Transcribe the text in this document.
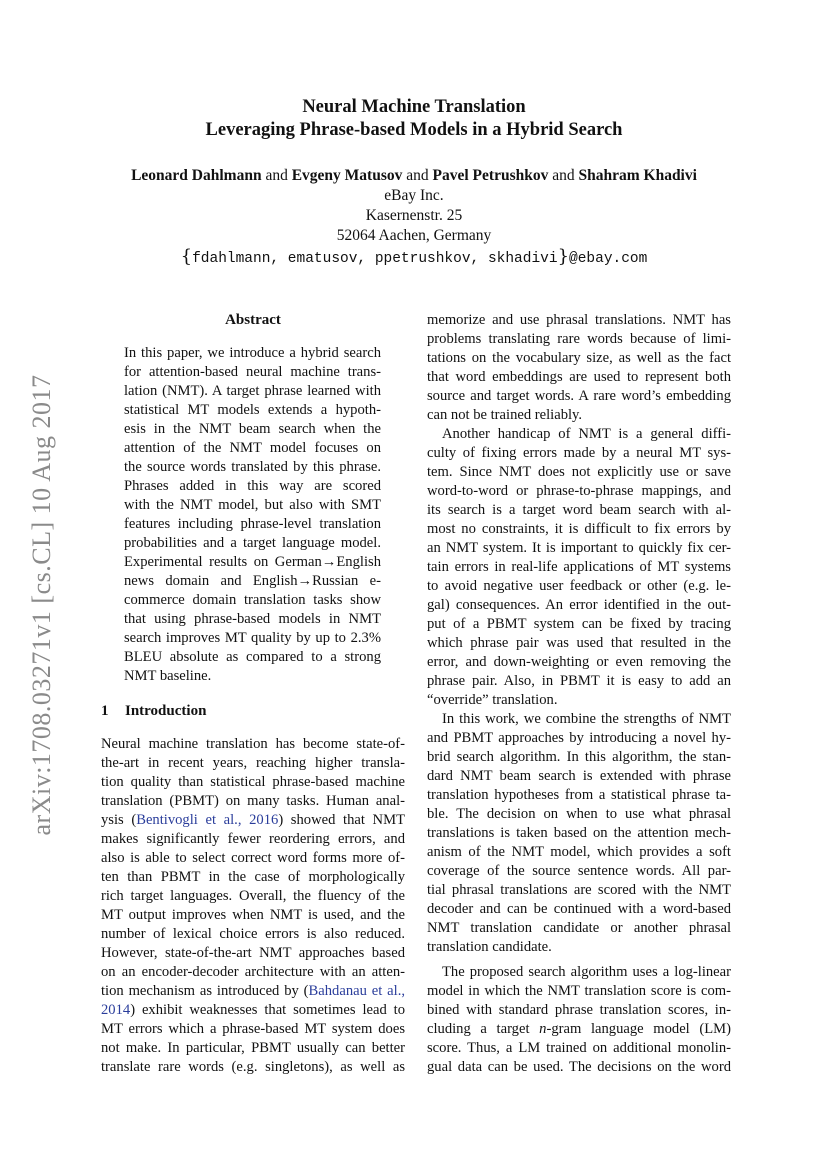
arXiv:1708.03271v1 [cs.CL] 10 Aug 2017
Neural Machine Translation
Leveraging Phrase-based Models in a Hybrid Search
Leonard Dahlmann and Evgeny Matusov and Pavel Petrushkov and Shahram Khadivi
eBay Inc.
Kasernenstr. 25
52064 Aachen, Germany
{fdahlmann, ematusov, ppetrushkov, skhadivi}@ebay.com
Abstract

In this paper, we introduce a hybrid search

for attention-based neural machine trans-

lation (NMT). A target phrase learned with

statistical MT models extends a hypoth-

esis in the NMT beam search when the

attention of the NMT model focuses on

the source words translated by this phrase.

Phrases added in this way are scored

with the NMT model, but also with SMT

features including phrase-level translation

probabilities and a target language model.

Experimental results on German→English

news domain and English→Russian e-

commerce domain translation tasks show

that using phrase-based models in NMT

search improves MT quality by up to 2.3%

BLEU absolute as compared to a strong

NMT baseline.

1 Introduction

Neural machine translation has become state-of-

the-art in recent years, reaching higher transla-

tion quality than statistical phrase-based machine

translation (PBMT) on many tasks. Human anal-

ysis (Bentivogli et al., 2016) showed that NMT

makes significantly fewer reordering errors, and

also is able to select correct word forms more of-

ten than PBMT in the case of morphologically

rich target languages. Overall, the fluency of the

MT output improves when NMT is used, and the

number of lexical choice errors is also reduced.

However, state-of-the-art NMT approaches based

on an encoder-decoder architecture with an atten-

tion mechanism as introduced by (Bahdanau et al.,

2014) exhibit weaknesses that sometimes lead to

MT errors which a phrase-based MT system does

not make. In particular, PBMT usually can better

translate rare words (e.g. singletons), as well as

memorize and use phrasal translations. NMT has

problems translating rare words because of limi-

tations on the vocabulary size, as well as the fact

that word embeddings are used to represent both

source and target words. A rare word’s embedding

can not be trained reliably.

Another handicap of NMT is a general diffi-

culty of fixing errors made by a neural MT sys-

tem. Since NMT does not explicitly use or save

word-to-word or phrase-to-phrase mappings, and

its search is a target word beam search with al-

most no constraints, it is difficult to fix errors by

an NMT system. It is important to quickly fix cer-

tain errors in real-life applications of MT systems

to avoid negative user feedback or other (e.g. le-

gal) consequences. An error identified in the out-

put of a PBMT system can be fixed by tracing

which phrase pair was used that resulted in the

error, and down-weighting or even removing the

phrase pair. Also, in PBMT it is easy to add an

“override” translation.

In this work, we combine the strengths of NMT

and PBMT approaches by introducing a novel hy-

brid search algorithm. In this algorithm, the stan-

dard NMT beam search is extended with phrase

translation hypotheses from a statistical phrase ta-

ble. The decision on when to use what phrasal

translations is taken based on the attention mech-

anism of the NMT model, which provides a soft

coverage of the source sentence words. All par-

tial phrasal translations are scored with the NMT

decoder and can be continued with a word-based

NMT translation candidate or another phrasal

translation candidate.

The proposed search algorithm uses a log-linear

model in which the NMT translation score is com-

bined with standard phrase translation scores, in-

cluding a target n-gram language model (LM)

score. Thus, a LM trained on additional monolin-

gual data can be used. The decisions on the word
